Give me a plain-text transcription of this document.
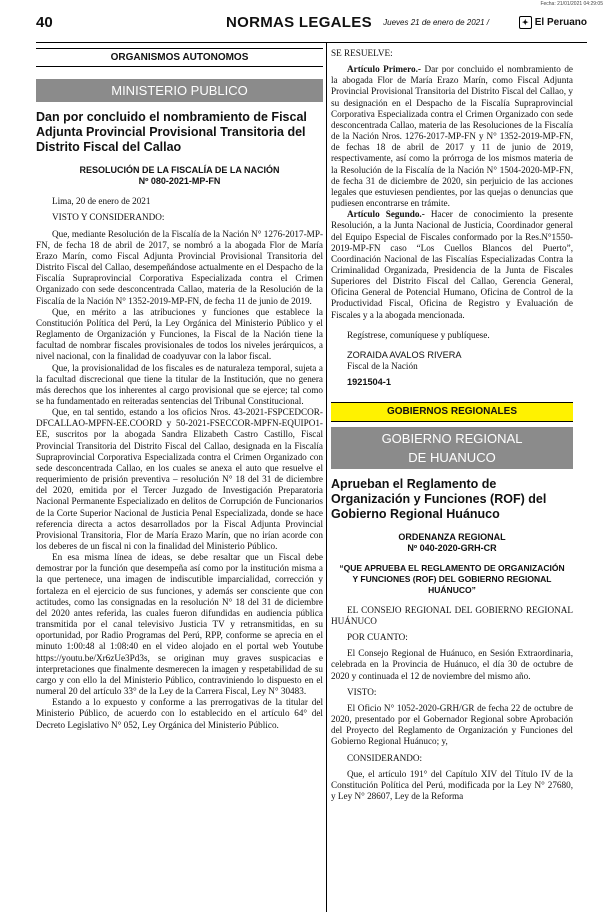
Fecha: 21/01/2021 04:29:05
40	NORMAS LEGALES Jueves 21 de enero de 2021 /	✦ El Peruano
ORGANISMOS AUTONOMOS
MINISTERIO PUBLICO
Dan por concluido el nombramiento de Fiscal Adjunta Provincial Provisional Transitoria del Distrito Fiscal del Callao
RESOLUCIÓN DE LA FISCALÍA DE LA NACIÓN
Nº 080-2021-MP-FN

Lima, 20 de enero de 2021

VISTO Y CONSIDERANDO:

Que, mediante Resolución de la Fiscalía de la Nación N° 1276-2017-MP-FN, de fecha 18 de abril de 2017, se nombró a la abogada Flor de María Erazo Marín, como Fiscal Adjunta Provincial Provisional Transitoria del Distrito Fiscal del Callao, desempeñándose actualmente en el Despacho de la Fiscalía Supraprovincial Corporativa Especializada contra el Crimen Organizado con sede desconcentrada Callao, materia de la Resolución de la Fiscalía de la Nación N° 1352-2019-MP-FN, de fecha 11 de junio de 2019.

Que, en mérito a las atribuciones y funciones que establece la Constitución Política del Perú, la Ley Orgánica del Ministerio Público y el Reglamento de Organización y Funciones, la Fiscal de la Nación tiene la facultad de nombrar fiscales provisionales de todos los niveles jerárquicos, a nivel nacional, con la finalidad de coadyuvar con la labor fiscal.

Que, la provisionalidad de los fiscales es de naturaleza temporal, sujeta a la facultad discrecional que tiene la titular de la Institución, que no genera más derechos que los inherentes al cargo provisional que se ejerce; tal como se ha fundamentado en reiteradas sentencias del Tribunal Constitucional.

Que, en tal sentido, estando a los oficios Nros. 43-2021-FSPCEDCOR-DFCALLAO-MPFN-EE.COORD y 50-2021-FSECCOR-MPFN-EQUIPO1-EE, suscritos por la abogada Sandra Elizabeth Castro Castillo, Fiscal Provincial Transitoria del Distrito Fiscal del Callao, designada en la Fiscalía Supraprovincial Corporativa Especializada contra el Crimen Organizado con sede desconcentrada Callao, en los cuales se anexa el auto que resuelve el requerimiento de prisión preventiva – resolución N° 18 del 31 de diciembre del 2020, emitida por el Tercer Juzgado de Investigación Preparatoria Nacional Permanente Especializado en delitos de Corrupción de Funcionarios de la Corte Superior Nacional de Justicia Penal Especializada, donde se hace referencia directa a actos desarrollados por la Fiscal Adjunta Provincial Provisional Transitoria, Flor de María Erazo Marín, que no irían acorde con los deberes de un fiscal ni con la finalidad del Ministerio Público.

En esa misma línea de ideas, se debe resaltar que un Fiscal debe demostrar por la función que desempeña así como por la institución misma a la que pertenece, una imagen de indiscutible imparcialidad, corrección y fortaleza en el ejercicio de sus funciones, y además ser consciente que con actitudes, como las consignadas en la resolución N° 18 del 31 de diciembre del 2020 antes referida, las cuales fueron difundidas en audiencia pública transmitida por el canal televisivo Justicia TV y retransmitidas, en su oportunidad, por Radio Programas del Perú, RPP, conforme se aprecia en el minuto 1:00:48 al 1:08:40 en el video alojado en el portal web Youtube https://youtu.be/Xr6zUe3Pd3s, se originan muy graves suspicacias e interpretaciones que finalmente desmerecen la imagen y respetabilidad de su cargo y con ello la del Ministerio Público, contraviniendo lo dispuesto en el numeral 20 del artículo 33° de la Ley de la Carrera Fiscal, Ley N° 30483.

Estando a lo expuesto y conforme a las prerrogativas de la titular del Ministerio Público, de acuerdo con lo establecido en el artículo 64° del Decreto Legislativo N° 052, Ley Orgánica del Ministerio Público.

SE RESUELVE:

Artículo Primero.- Dar por concluido el nombramiento de la abogada Flor de María Erazo Marín, como Fiscal Adjunta Provincial Provisional Transitoria del Distrito Fiscal del Callao, y su designación en el Despacho de la Fiscalía Supraprovincial Corporativa Especializada contra el Crimen Organizado con sede desconcentrada Callao, materia de las Resoluciones de la Fiscalía de la Nación Nros. 1276-2017-MP-FN y N° 1352-2019-MP-FN, de fechas 18 de abril de 2017 y 11 de junio de 2019, respectivamente, así como la prórroga de los mismos materia de la Resolución de la Fiscalía de la Nación N° 1504-2020-MP-FN, de fecha 31 de diciembre de 2020, sin perjuicio de las acciones legales que estuviesen pendientes, por las quejas o denuncias que pudiesen encontrarse en trámite.

Artículo Segundo.- Hacer de conocimiento la presente Resolución, a la Junta Nacional de Justicia, Coordinador general del Equipo Especial de Fiscales conformado por la Res.N°1550-2019-MP-FN caso “Los Cuellos Blancos del Puerto”, Coordinación Nacional de las Fiscalías Especializadas Contra la Criminalidad Organizada, Presidencia de la Junta de Fiscales Superiores del Distrito Fiscal del Callao, Gerencia General, Oficina General de Potencial Humano, Oficina de Control de la Productividad Fiscal, Oficina de Registro y Evaluación de Fiscales y a la abogada mencionada.

Regístrese, comuníquese y publíquese.

ZORAIDA AVALOS RIVERA

Fiscal de la Nación

1921504-1

GOBIERNOS REGIONALES
GOBIERNO REGIONAL
DE HUANUCO
Aprueban el Reglamento de Organización y Funciones (ROF) del Gobierno Regional Huánuco
ORDENANZA REGIONAL
Nº 040-2020-GRH-CR
“QUE APRUEBA EL REGLAMENTO DE ORGANIZACIÓN Y FUNCIONES (ROF) DEL GOBIERNO REGIONAL HUÁNUCO”

EL CONSEJO REGIONAL DEL GOBIERNO REGIONAL HUÁNUCO

POR CUANTO:

El Consejo Regional de Huánuco, en Sesión Extraordinaria, celebrada en la Provincia de Huánuco, el día 30 de octubre de 2020 y continuada el 12 de noviembre del mismo año.

VISTO:

El Oficio N° 1052-2020-GRH/GR de fecha 22 de octubre de 2020, presentado por el Gobernador Regional sobre Aprobación del Proyecto del Reglamento de Organización y Funciones del Gobierno Regional Huánuco; y,

CONSIDERANDO:

Que, el artículo 191° del Capítulo XIV del Título IV de la Constitución Política del Perú, modificada por la Ley N° 27680, y Ley N° 28607, Ley de la Reforma
